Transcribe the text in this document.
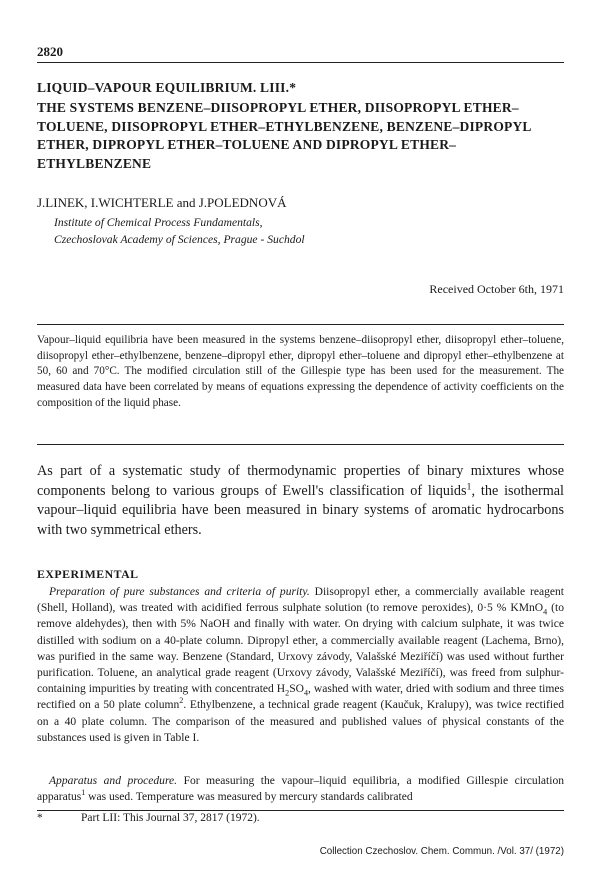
2820
LIQUID–VAPOUR EQUILIBRIUM. LIII.*
THE SYSTEMS BENZENE–DIISOPROPYL ETHER, DIISOPROPYL ETHER–TOLUENE, DIISOPROPYL ETHER–ETHYLBENZENE, BENZENE–DIPROPYL ETHER, DIPROPYL ETHER–TOLUENE AND DIPROPYL ETHER–ETHYLBENZENE
J.LINEK, I.WICHTERLE and J.POLEDNOVÁ
Institute of Chemical Process Fundamentals,
Czechoslovak Academy of Sciences, Prague - Suchdol
Received October 6th, 1971
Vapour–liquid equilibria have been measured in the systems benzene–diisopropyl ether, diisopropyl ether–toluene, diisopropyl ether–ethylbenzene, benzene–dipropyl ether, dipropyl ether–toluene and dipropyl ether–ethylbenzene at 50, 60 and 70°C. The modified circulation still of the Gillespie type has been used for the measurement. The measured data have been correlated by means of equations expressing the dependence of activity coefficients on the composition of the liquid phase.
As part of a systematic study of thermodynamic properties of binary mixtures whose components belong to various groups of Ewell's classification of liquids$^1$, the isothermal vapour–liquid equilibria have been measured in binary systems of aromatic hydrocarbons with two symmetrical ethers.
EXPERIMENTAL
Preparation of pure substances and criteria of purity. Diisopropyl ether, a commercially available reagent (Shell, Holland), was treated with acidified ferrous sulphate solution (to remove peroxides), 0·5 % KMnO$_4$ (to remove aldehydes), then with 5% NaOH and finally with water. On drying with calcium sulphate, it was twice distilled with sodium on a 40-plate column. Dipropyl ether, a commercially available reagent (Lachema, Brno), was purified in the same way. Benzene (Standard, Urxovy závody, Valašské Meziříčí) was used without further purification. Toluene, an analytical grade reagent (Urxovy závody, Valašské Meziříčí), was freed from sulphur-containing impurities by treating with concentrated $H_2SO_4$, washed with water, dried with sodium and three times rectified on a 50 plate column$^2$. Ethylbenzene, a technical grade reagent (Kaučuk, Kralupy), was twice rectified on a 40 plate column. The comparison of the measured and published values of physical constants of the substances used is given in Table I.
Apparatus and procedure. For measuring the vapour–liquid equilibria, a modified Gillespie circulation apparatus$^1$ was used. Temperature was measured by mercury standards calibrated
*	Part LII: This Journal 37, 2817 (1972).
Collection Czechoslov. Chem. Commun. /Vol. 37/ (1972)
